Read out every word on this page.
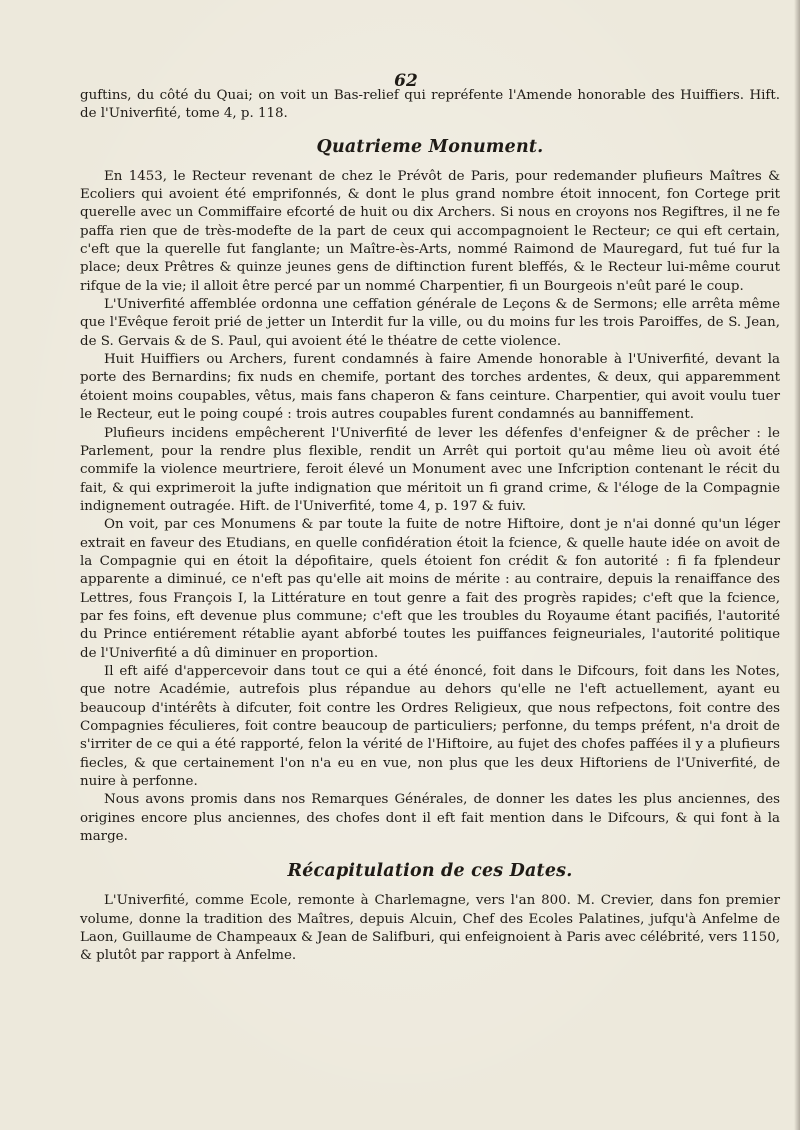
62

guftins, du côté du Quai; on voit un Bas-relief qui repréfente l'Amende honorable des Huiffiers. Hift. de l'Univerfité, tome 4, p. 118.

Quatrieme Monument.

En 1453, le Recteur revenant de chez le Prévôt de Paris, pour redemander plufieurs Maîtres & Ecoliers qui avoient été emprifonnés, & dont le plus grand nombre étoit innocent, fon Cortege prit querelle avec un Commiffaire efcorté de huit ou dix Archers. Si nous en croyons nos Regiftres, il ne fe paffa rien que de très-modefte de la part de ceux qui accompagnoient le Recteur; ce qui eft certain, c'eft que la querelle fut fanglante; un Maître-ès-Arts, nommé Raimond de Mauregard, fut tué fur la place; deux Prêtres & quinze jeunes gens de diftinction furent bleffés, & le Recteur lui-même courut rifque de la vie; il alloit être percé par un nommé Charpentier, fi un Bourgeois n'eût paré le coup.

L'Univerfité affemblée ordonna une ceffation générale de Leçons & de Sermons; elle arrêta même que l'Evêque feroit prié de jetter un Interdit fur la ville, ou du moins fur les trois Paroiffes, de S. Jean, de S. Gervais & de S. Paul, qui avoient été le théatre de cette violence.

Huit Huiffiers ou Archers, furent condamnés à faire Amende honorable à l'Univerfité, devant la porte des Bernardins; fix nuds en chemife, portant des torches ardentes, & deux, qui apparemment étoient moins coupables, vêtus, mais fans chaperon & fans ceinture. Charpentier, qui avoit voulu tuer le Recteur, eut le poing coupé : trois autres coupables furent condamnés au banniffement.

Plufieurs incidens empêcherent l'Univerfité de lever les défenfes d'enfeigner & de prêcher : le Parlement, pour la rendre plus flexible, rendit un Arrêt qui portoit qu'au même lieu où avoit été commife la violence meurtriere, feroit élevé un Monument avec une Infcription contenant le récit du fait, & qui exprimeroit la jufte indignation que méritoit un fi grand crime, & l'éloge de la Compagnie indignement outragée. Hift. de l'Univerfité, tome 4, p. 197 & fuiv.

On voit, par ces Monumens & par toute la fuite de notre Hiftoire, dont je n'ai donné qu'un léger extrait en faveur des Etudians, en quelle confidération étoit la fcience, & quelle haute idée on avoit de la Compagnie qui en étoit la dépofitaire, quels étoient fon crédit & fon autorité : fi fa fplendeur apparente a diminué, ce n'eft pas qu'elle ait moins de mérite : au contraire, depuis la renaiffance des Lettres, fous François I, la Littérature en tout genre a fait des progrès rapides; c'eft que la fcience, par fes foins, eft devenue plus commune; c'eft que les troubles du Royaume étant pacifiés, l'autorité du Prince entiérement rétablie ayant abforbé toutes les puiffances feigneuriales, l'autorité politique de l'Univerfité a dû diminuer en proportion.

Il eft aifé d'appercevoir dans tout ce qui a été énoncé, foit dans le Difcours, foit dans les Notes, que notre Académie, autrefois plus répandue au dehors qu'elle ne l'eft actuellement, ayant eu beaucoup d'intérêts à difcuter, foit contre les Ordres Religieux, que nous refpectons, foit contre des Compagnies féculieres, foit contre beaucoup de particuliers; perfonne, du temps préfent, n'a droit de s'irriter de ce qui a été rapporté, felon la vérité de l'Hiftoire, au fujet des chofes paffées il y a plufieurs fiecles, & que certainement l'on n'a eu en vue, non plus que les deux Hiftoriens de l'Univerfité, de nuire à perfonne.

Nous avons promis dans nos Remarques Générales, de donner les dates les plus anciennes, des origines encore plus anciennes, des chofes dont il eft fait mention dans le Difcours, & qui font à la marge.

Récapitulation de ces Dates.

L'Univerfité, comme Ecole, remonte à Charlemagne, vers l'an 800. M. Crevier, dans fon premier volume, donne la tradition des Maîtres, depuis Alcuin, Chef des Ecoles Palatines, jufqu'à Anfelme de Laon, Guillaume de Champeaux & Jean de Salifburi, qui enfeignoient à Paris avec célébrité, vers 1150, & plutôt par rapport à Anfelme.
